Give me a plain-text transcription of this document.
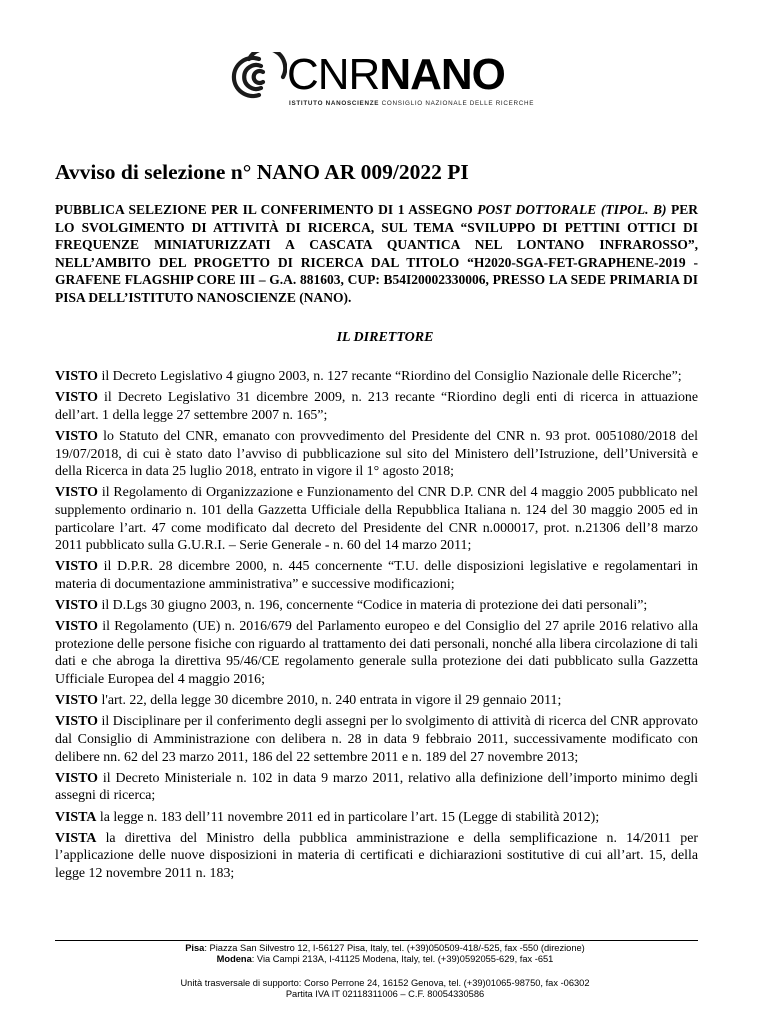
CNRNANO
ISTITUTO NANOSCIENZE CONSIGLIO NAZIONALE DELLE RICERCHE
Avviso di selezione n° NANO AR 009/2022 PI

PUBBLICA SELEZIONE PER IL CONFERIMENTO DI 1 ASSEGNO POST DOTTORALE (TIPOL. B) PER LO SVOLGIMENTO DI ATTIVITÀ DI RICERCA, SUL TEMA “SVILUPPO DI PETTINI OTTICI DI FREQUENZE MINIATURIZZATI A CASCATA QUANTICA NEL LONTANO INFRAROSSO”, NELL’AMBITO DEL PROGETTO DI RICERCA DAL TITOLO “H2020-SGA-FET-GRAPHENE-2019 - GRAFENE FLAGSHIP CORE III – G.A. 881603, CUP: B54I20002330006, PRESSO LA SEDE PRIMARIA DI PISA DELL’ISTITUTO NANOSCIENZE (NANO).

IL DIRETTORE

VISTO il Decreto Legislativo 4 giugno 2003, n. 127 recante “Riordino del Consiglio Nazionale delle Ricerche”;

VISTO il Decreto Legislativo 31 dicembre 2009, n. 213 recante “Riordino degli enti di ricerca in attuazione dell’art. 1 della legge 27 settembre 2007 n. 165”;

VISTO lo Statuto del CNR, emanato con provvedimento del Presidente del CNR n. 93 prot. 0051080/2018 del 19/07/2018, di cui è stato dato l’avviso di pubblicazione sul sito del Ministero dell’Istruzione, dell’Università e della Ricerca in data 25 luglio 2018, entrato in vigore il 1° agosto 2018;

VISTO il Regolamento di Organizzazione e Funzionamento del CNR D.P. CNR del 4 maggio 2005 pubblicato nel supplemento ordinario n. 101 della Gazzetta Ufficiale della Repubblica Italiana n. 124 del 30 maggio 2005 ed in particolare l’art. 47 come modificato dal decreto del Presidente del CNR n.000017, prot. n.21306 dell’8 marzo 2011 pubblicato sulla G.U.R.I. – Serie Generale - n. 60 del 14 marzo 2011;

VISTO il D.P.R. 28 dicembre 2000, n. 445 concernente “T.U. delle disposizioni legislative e regolamentari in materia di documentazione amministrativa” e successive modificazioni;

VISTO il D.Lgs 30 giugno 2003, n. 196, concernente “Codice in materia di protezione dei dati personali”;

VISTO il Regolamento (UE) n. 2016/679 del Parlamento europeo e del Consiglio del 27 aprile 2016 relativo alla protezione delle persone fisiche con riguardo al trattamento dei dati personali, nonché alla libera circolazione di tali dati e che abroga la direttiva 95/46/CE regolamento generale sulla protezione dei dati pubblicato sulla Gazzetta Ufficiale Europea del 4 maggio 2016;

VISTO l'art. 22, della legge 30 dicembre 2010, n. 240 entrata in vigore il 29 gennaio 2011;

VISTO il Disciplinare per il conferimento degli assegni per lo svolgimento di attività di ricerca del CNR approvato dal Consiglio di Amministrazione con delibera n. 28 in data 9 febbraio 2011, successivamente modificato con delibere nn. 62 del 23 marzo 2011, 186 del 22 settembre 2011 e n. 189 del 27 novembre 2013;

VISTO il Decreto Ministeriale n. 102 in data 9 marzo 2011, relativo alla definizione dell’importo minimo degli assegni di ricerca;

VISTA la legge n. 183 dell’11 novembre 2011 ed in particolare l’art. 15 (Legge di stabilità 2012);

VISTA la direttiva del Ministro della pubblica amministrazione e della semplificazione n. 14/2011 per l’applicazione delle nuove disposizioni in materia di certificati e dichiarazioni sostitutive di cui all’art. 15, della legge 12 novembre 2011 n. 183;

Pisa: Piazza San Silvestro 12, I-56127 Pisa, Italy, tel. (+39)050509-418/-525, fax -550 (direzione)

Modena: Via Campi 213A, I-41125 Modena, Italy, tel. (+39)0592055-629, fax -651

Unità trasversale di supporto: Corso Perrone 24, 16152 Genova, tel. (+39)01065-98750, fax -06302

Partita IVA IT 02118311006 – C.F. 80054330586
